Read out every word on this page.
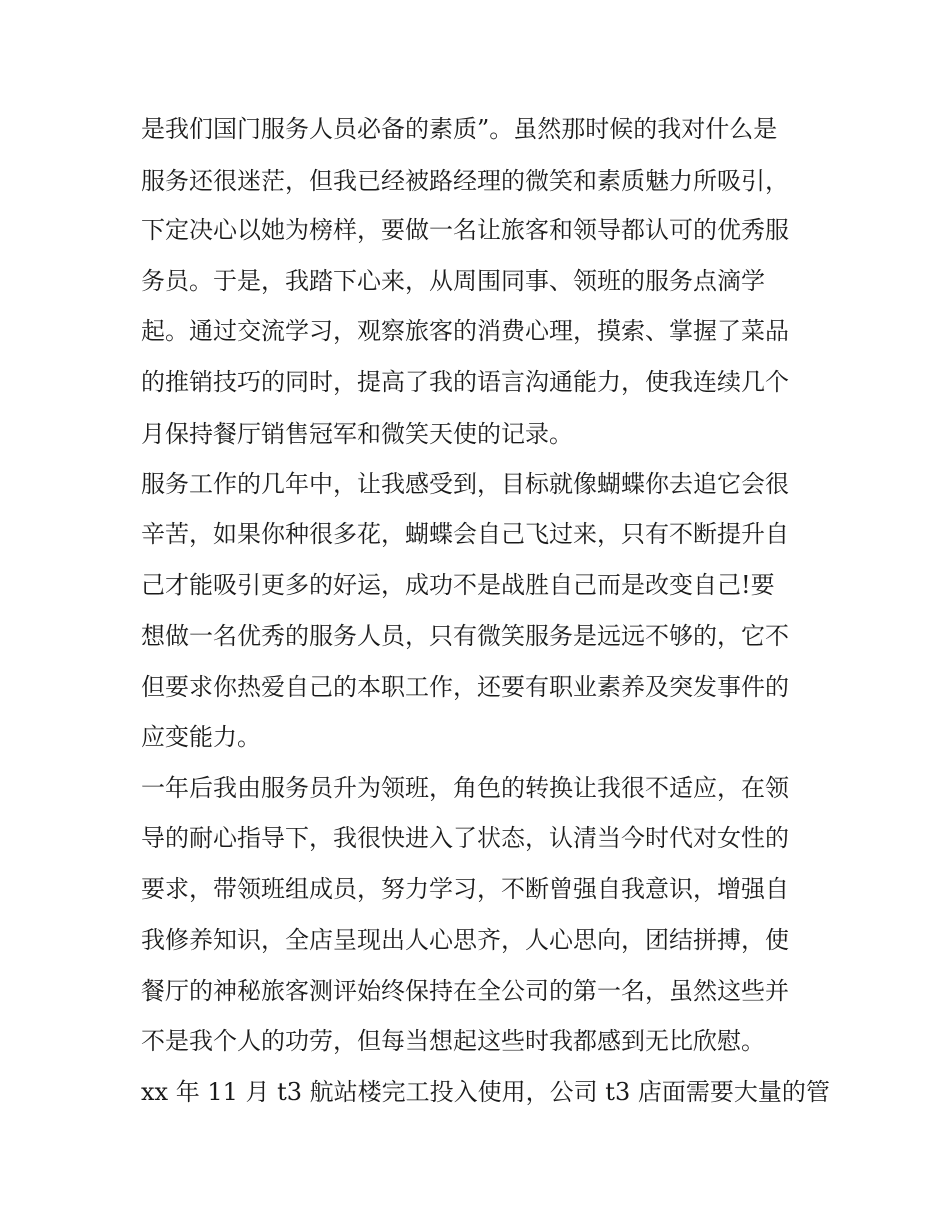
是我们国门服务人员必备的素质”。虽然那时候的我对什么是
服务还很迷茫，但我已经被路经理的微笑和素质魅力所吸引，
下定决心以她为榜样，要做一名让旅客和领导都认可的优秀服
务员。于是，我踏下心来，从周围同事、领班的服务点滴学
起。通过交流学习，观察旅客的消费心理，摸索、掌握了菜品
的推销技巧的同时，提高了我的语言沟通能力，使我连续几个
月保持餐厅销售冠军和微笑天使的记录。
服务工作的几年中，让我感受到，目标就像蝴蝶你去追它会很
辛苦，如果你种很多花，蝴蝶会自己飞过来，只有不断提升自
己才能吸引更多的好运，成功不是战胜自己而是改变自己!要
想做一名优秀的服务人员，只有微笑服务是远远不够的，它不
但要求你热爱自己的本职工作，还要有职业素养及突发事件的
应变能力。
一年后我由服务员升为领班，角色的转换让我很不适应，在领
导的耐心指导下，我很快进入了状态，认清当今时代对女性的
要求，带领班组成员，努力学习，不断曾强自我意识，增强自
我修养知识，全店呈现出人心思齐，人心思向，团结拼搏，使
餐厅的神秘旅客测评始终保持在全公司的第一名，虽然这些并
不是我个人的功劳，但每当想起这些时我都感到无比欣慰。
xx 年 11 月 t3 航站楼完工投入使用，公司 t3 店面需要大量的管
